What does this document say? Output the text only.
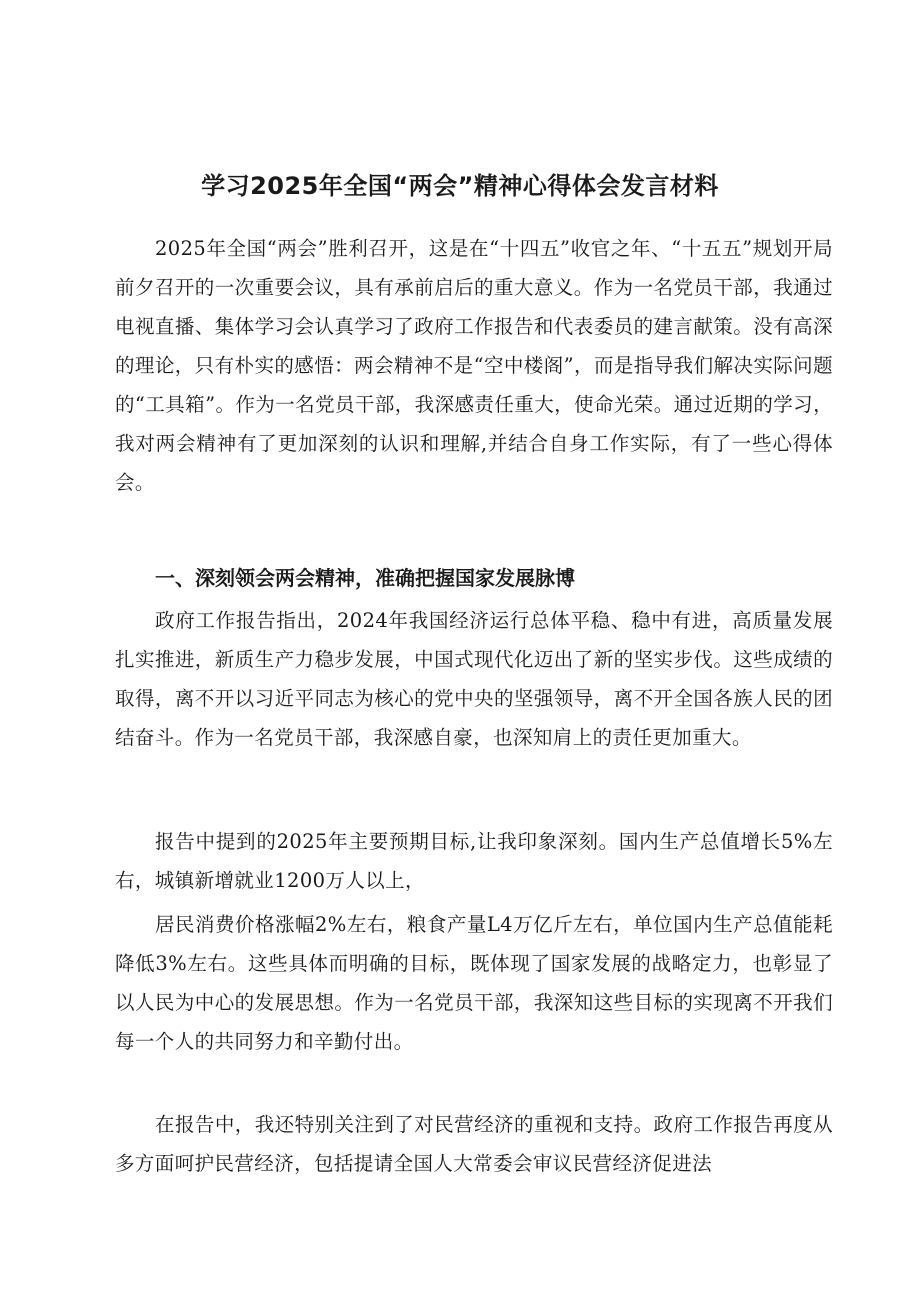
学习2025年全国“两会”精神心得体会发言材料

2025年全国“两会”胜利召开，这是在“十四五”收官之年、“十五五”规划开局前夕召开的一次重要会议，具有承前启后的重大意义。作为一名党员干部，我通过电视直播、集体学习会认真学习了政府工作报告和代表委员的建言献策。没有高深的理论，只有朴实的感悟：两会精神不是“空中楼阁”，而是指导我们解决实际问题的“工具箱”。作为一名党员干部，我深感责任重大，使命光荣。通过近期的学习，我对两会精神有了更加深刻的认识和理解,并结合自身工作实际，有了一些心得体会。

一、深刻领会两会精神，准确把握国家发展脉博

政府工作报告指出，2024年我国经济运行总体平稳、稳中有进，高质量发展扎实推进，新质生产力稳步发展，中国式现代化迈出了新的坚实步伐。这些成绩的取得，离不开以习近平同志为核心的党中央的坚强领导，离不开全国各族人民的团结奋斗。作为一名党员干部，我深感自豪，也深知肩上的责任更加重大。

报告中提到的2025年主要预期目标,让我印象深刻。国内生产总值增长5%左右，城镇新增就业1200万人以上，

居民消费价格涨幅2%左右，粮食产量L4万亿斤左右，单位国内生产总值能耗降低3%左右。这些具体而明确的目标，既体现了国家发展的战略定力，也彰显了以人民为中心的发展思想。作为一名党员干部，我深知这些目标的实现离不开我们每一个人的共同努力和辛勤付出。

在报告中，我还特别关注到了对民营经济的重视和支持。政府工作报告再度从多方面呵护民营经济，包括提请全国人大常委会审议民营经济促进法
